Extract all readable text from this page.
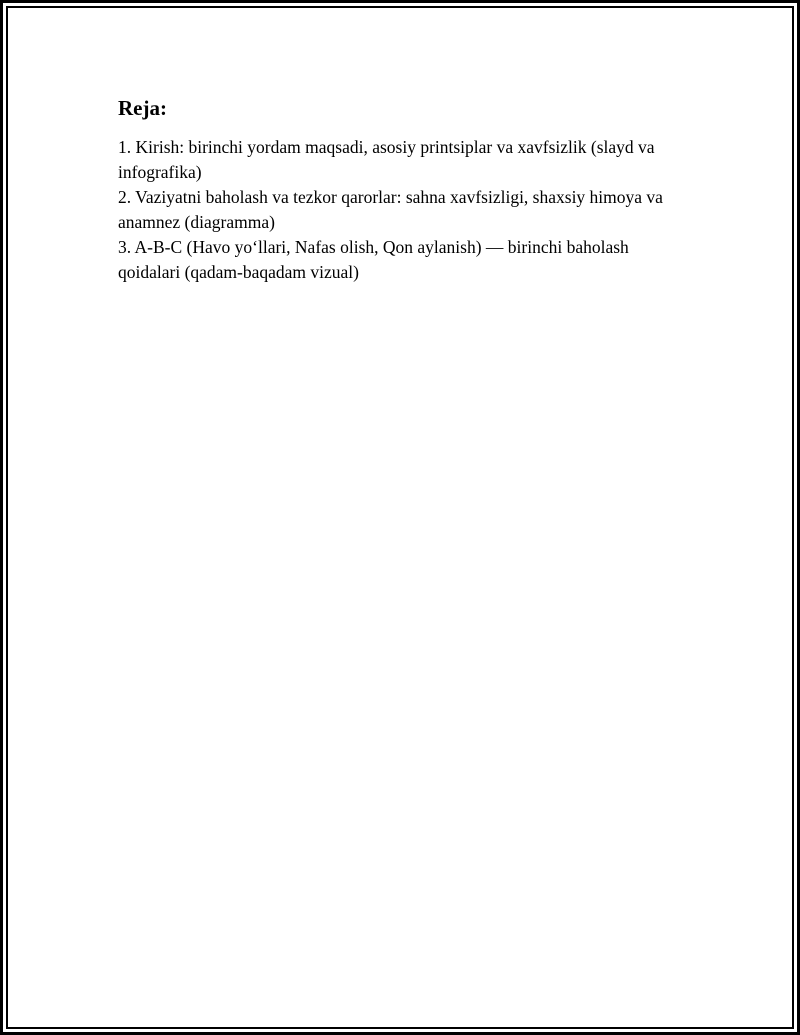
Reja:
1. Kirish: birinchi yordam maqsadi, asosiy printsiplar va xavfsizlik (slayd va infografika)
2. Vaziyatni baholash va tezkor qarorlar: sahna xavfsizligi, shaxsiy himoya va anamnez (diagramma)
3. A-B-C (Havo yo‘llari, Nafas olish, Qon aylanish) — birinchi baholash qoidalari (qadam-baqadam vizual)
